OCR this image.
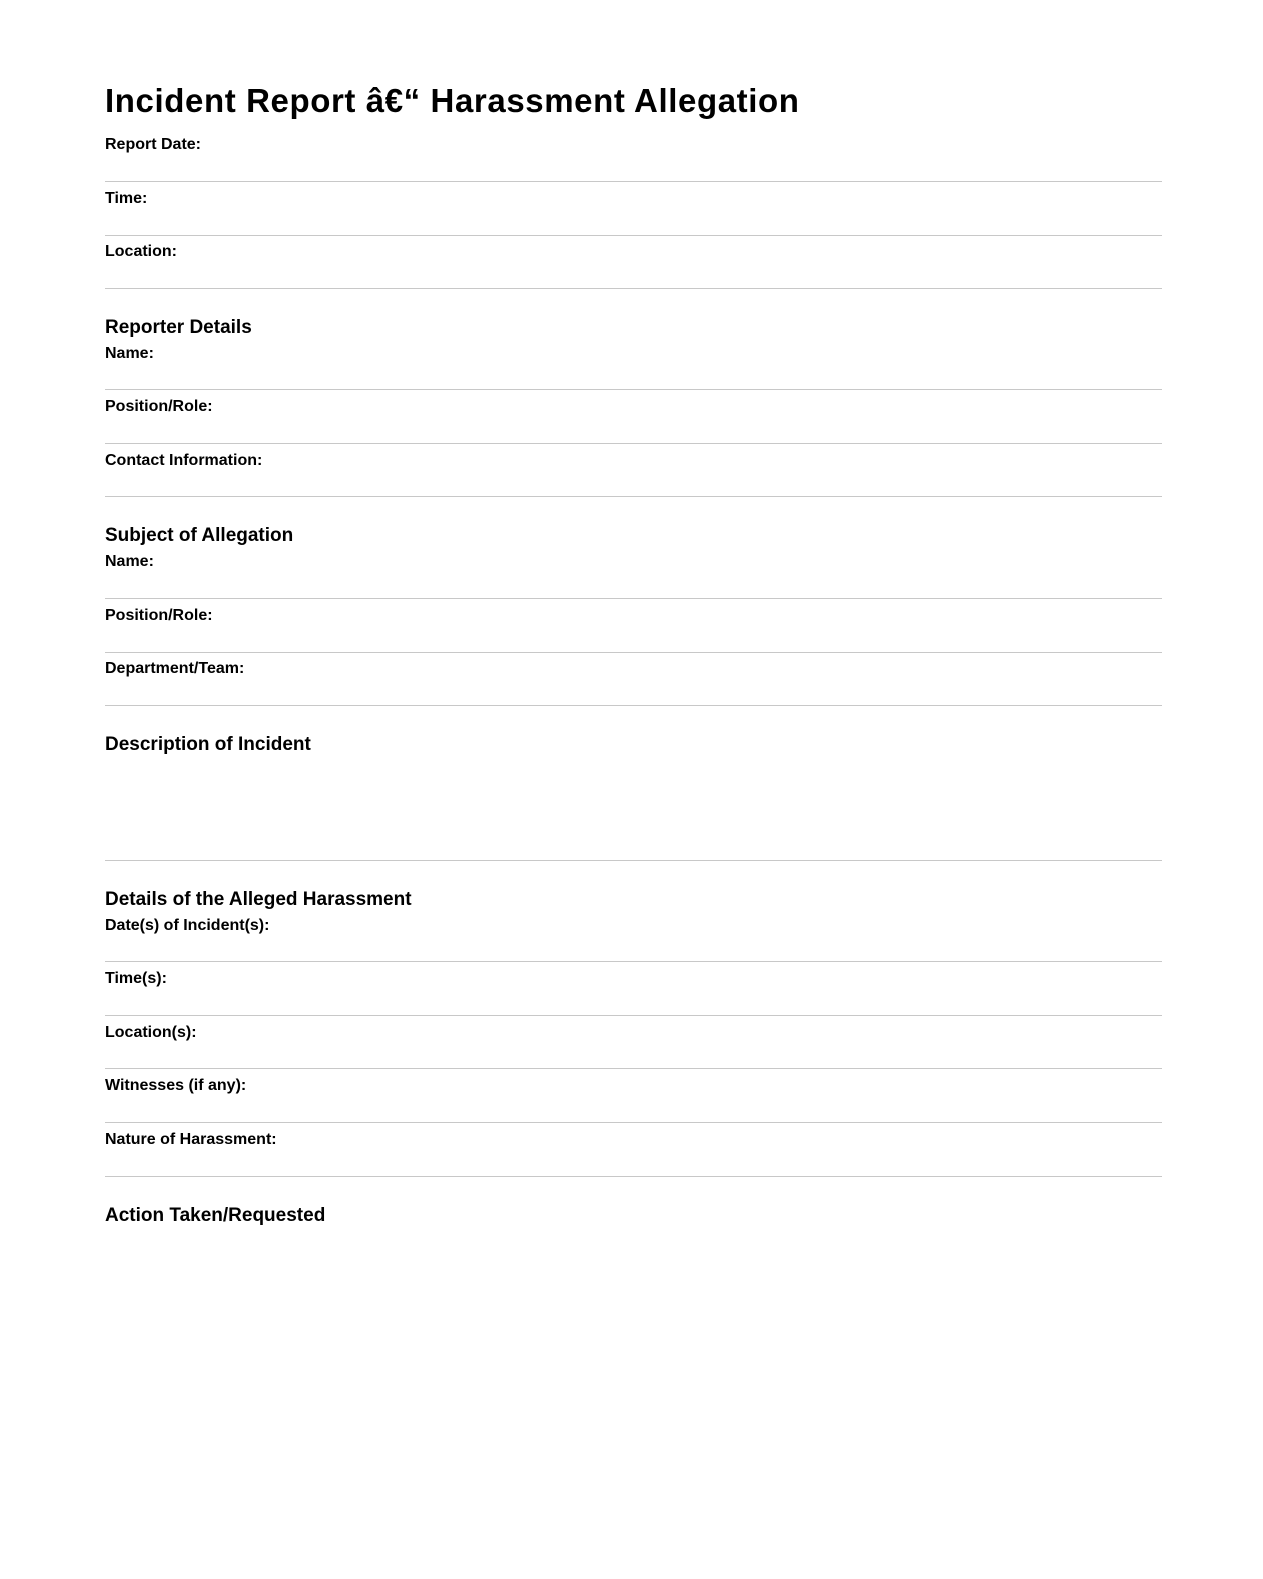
Incident Report â€“ Harassment Allegation
Report Date:
Time:
Location:
Reporter Details
Name:
Position/Role:
Contact Information:
Subject of Allegation
Name:
Position/Role:
Department/Team:
Description of Incident
Details of the Alleged Harassment
Date(s) of Incident(s):
Time(s):
Location(s):
Witnesses (if any):
Nature of Harassment:
Action Taken/Requested
